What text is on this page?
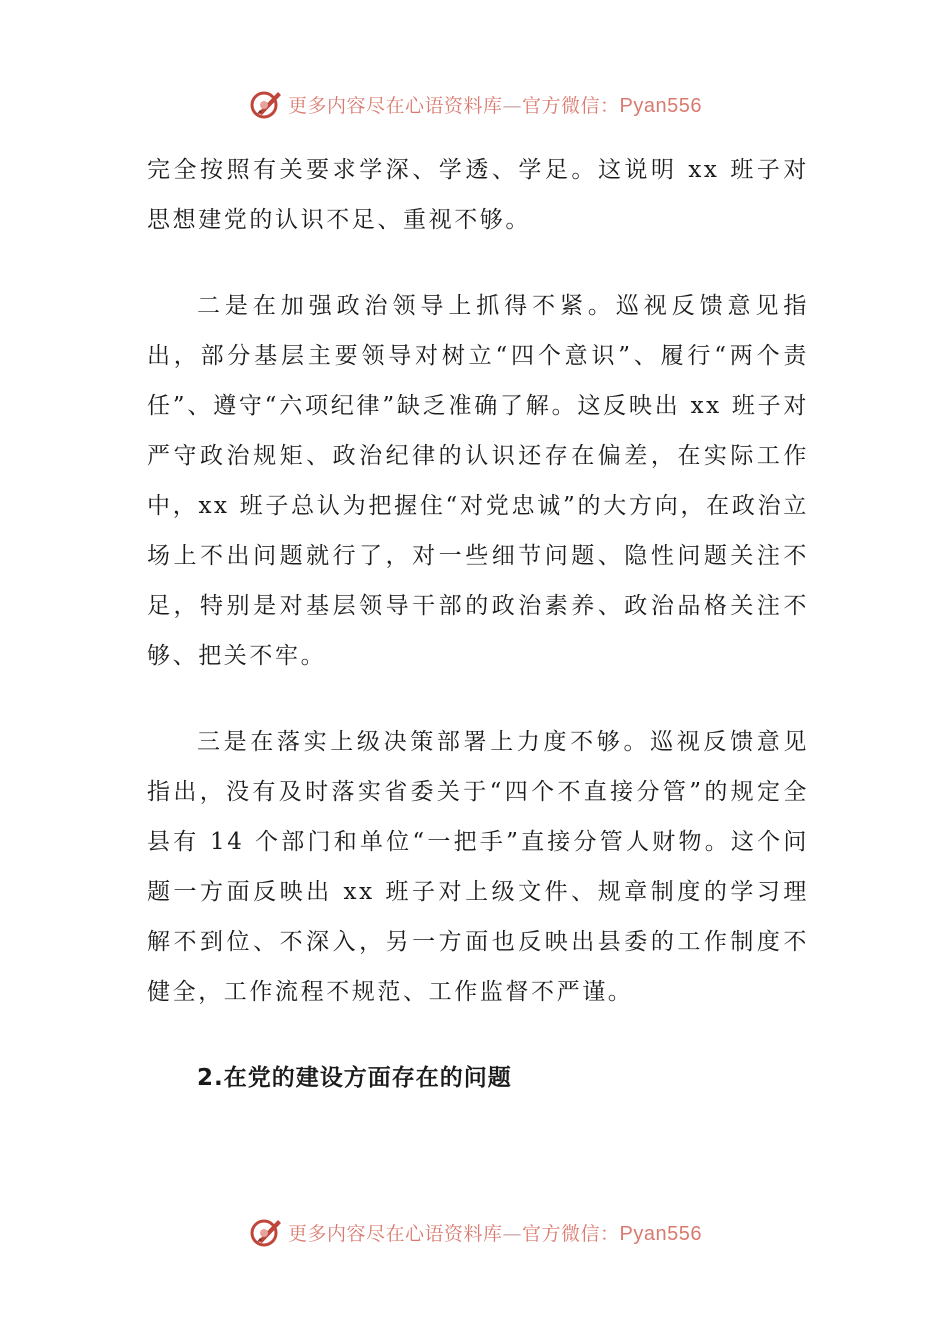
更多内容尽在心语资料库—官方微信：Pyan556

完全按照有关要求学深、学透、学足。这说明 xx 班子对思想建党的认识不足、重视不够。

二是在加强政治领导上抓得不紧。巡视反馈意见指出，部分基层主要领导对树立“四个意识”、履行“两个责任”、遵守“六项纪律”缺乏准确了解。这反映出 xx 班子对严守政治规矩、政治纪律的认识还存在偏差，在实际工作中，xx 班子总认为把握住“对党忠诚”的大方向，在政治立场上不出问题就行了，对一些细节问题、隐性问题关注不足，特别是对基层领导干部的政治素养、政治品格关注不够、把关不牢。

三是在落实上级决策部署上力度不够。巡视反馈意见指出，没有及时落实省委关于“四个不直接分管”的规定全县有 14 个部门和单位“一把手”直接分管人财物。这个问题一方面反映出 xx 班子对上级文件、规章制度的学习理解不到位、不深入，另一方面也反映出县委的工作制度不健全，工作流程不规范、工作监督不严谨。

2.在党的建设方面存在的问题
更多内容尽在心语资料库—官方微信：Pyan556
